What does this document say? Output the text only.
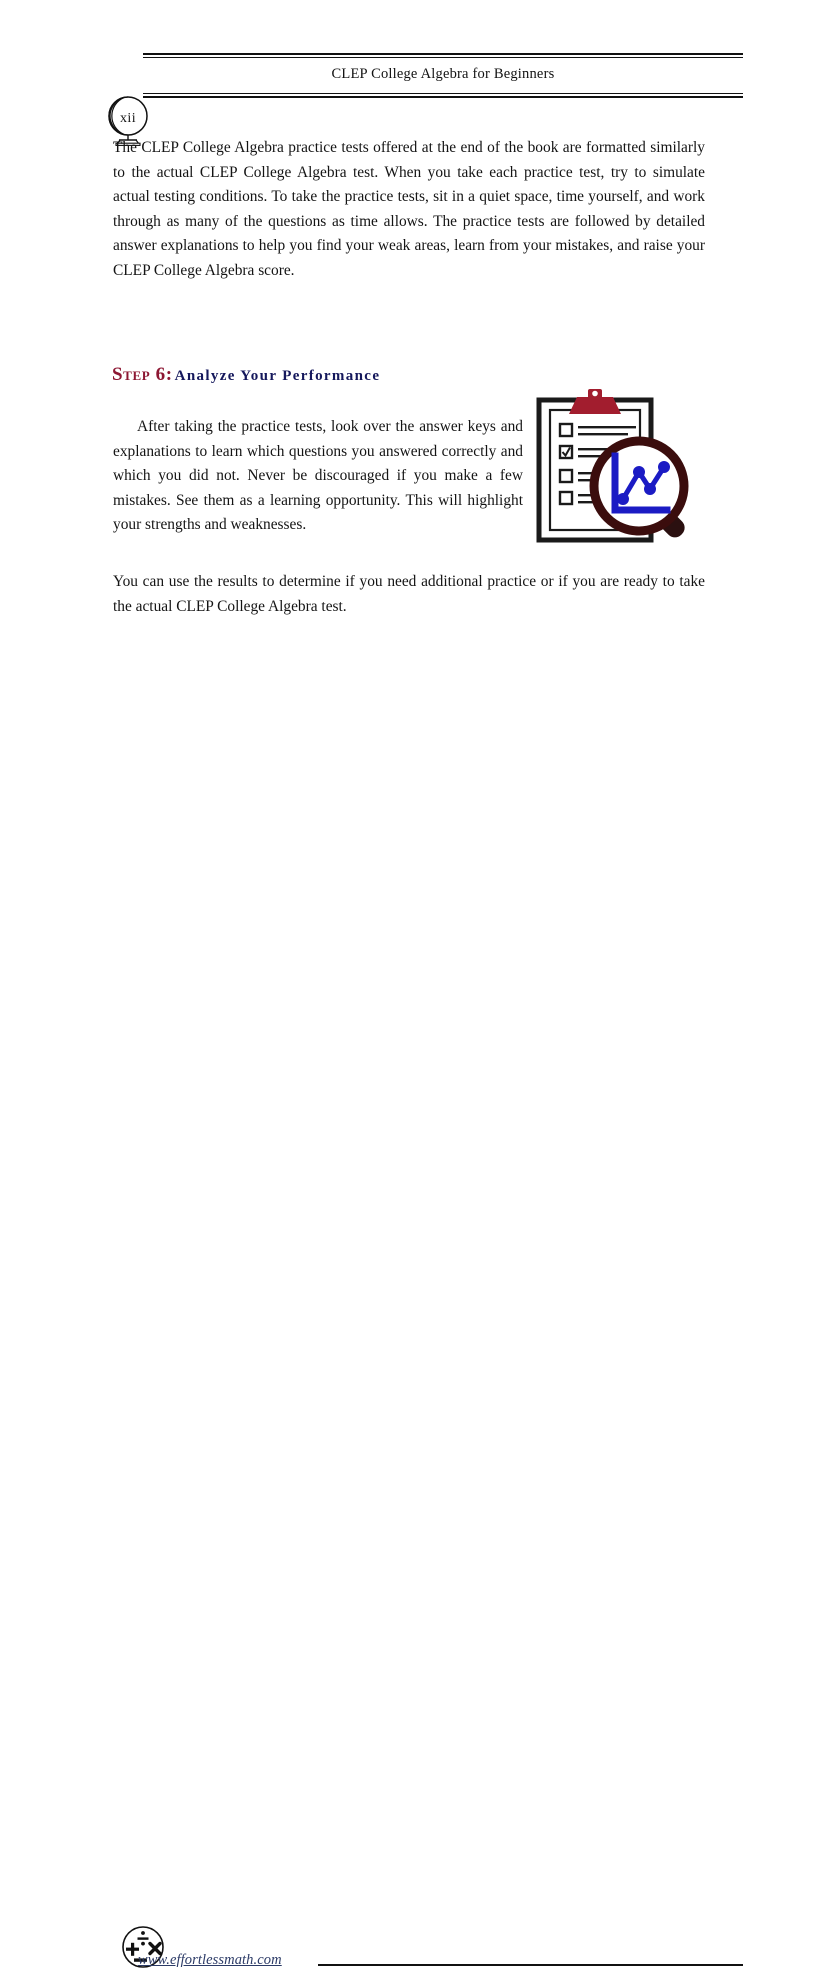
CLEP College Algebra for Beginners
xii

The CLEP College Algebra practice tests offered at the end of the book are formatted similarly to the actual CLEP College Algebra test. When you take each practice test, try to simulate actual testing conditions. To take the practice tests, sit in a quiet space, time yourself, and work through as many of the questions as time allows. The practice tests are followed by detailed answer explanations to help you find your weak areas, learn from your mistakes, and raise your CLEP College Algebra score.

Step 6: Analyze Your Performance

After taking the practice tests, look over the answer keys and explanations to learn which questions you answered correctly and which you did not. Never be discouraged if you make a few mistakes. See them as a learning opportunity. This will highlight your strengths and weaknesses.

You can use the results to determine if you need additional practice or if you are ready to take the actual CLEP College Algebra test.

www.effortlessmath.com
